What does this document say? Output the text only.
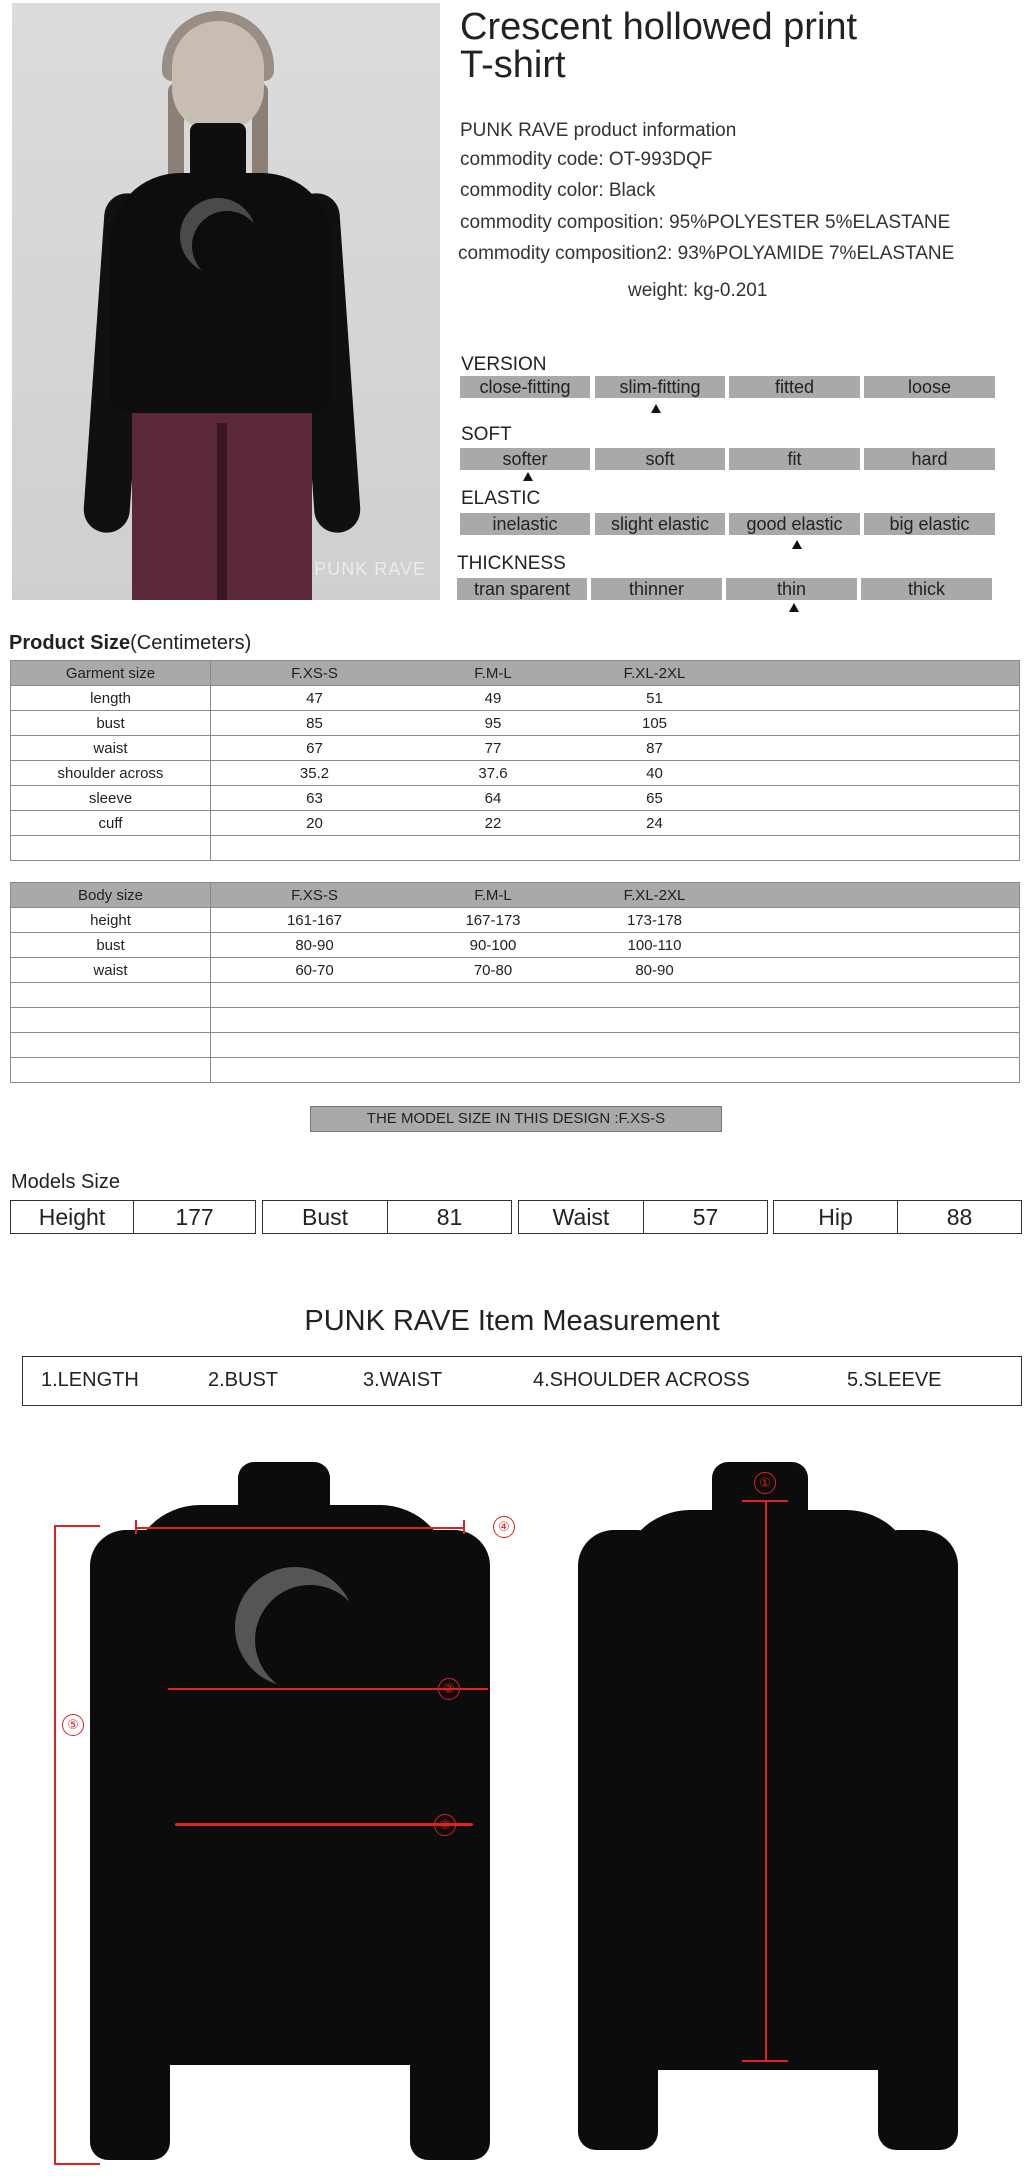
PUNK RAVE
Crescent hollowed print
T-shirt
PUNK RAVE product information
commodity code: OT-993DQF
commodity color: Black
commodity composition: 95%POLYESTER 5%ELASTANE
commodity composition2: 93%POLYAMIDE 7%ELASTANE
weight: kg-0.201
VERSION
close-fitting	slim-fitting	fitted	loose
SOFT
softer	soft	fit	hard
ELASTIC
inelastic	slight elastic	good elastic	big elastic
THICKNESS
tran sparent	thinner	thin	thick
Product Size(Centimeters)
Garment size	F.XS-S F.M-L F.XL-2XL

length	47 49 51

bust	85 95 105

waist	67 77 87

shoulder across	35.2 37.6 40

sleeve	63 64 65

cuff	20 22 24

Body size	F.XS-S F.M-L F.XL-2XL

height	161-167 167-173 173-178

bust	80-90 90-100 100-110

waist	60-70 70-80 80-90

THE MODEL SIZE IN THIS DESIGN :F.XS-S
Models Size
Height	177	Bust	81	Waist	57	Hip	88
PUNK RAVE Item Measurement
1.LENGTH	2.BUST	3.WAIST	4.SHOULDER ACROSS	5.SLEEVE
④
②
③
⑤
①
